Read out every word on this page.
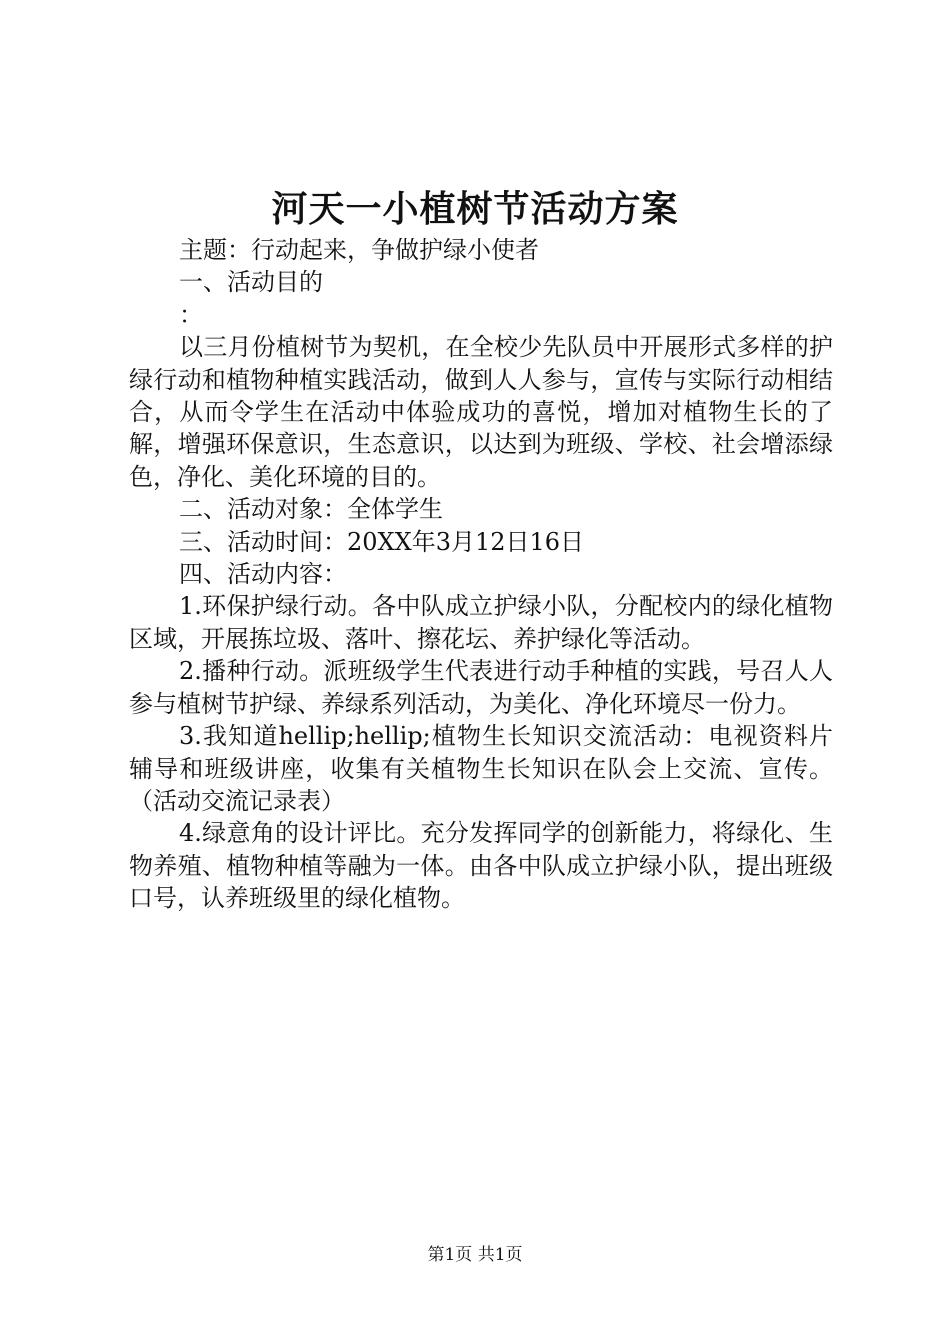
河天一小植树节活动方案

主题：行动起来，争做护绿小使者

一、活动目的

：

以三月份植树节为契机，在全校少先队员中开展形式多样的护绿行动和植物种植实践活动，做到人人参与，宣传与实际行动相结合，从而令学生在活动中体验成功的喜悦，增加对植物生长的了解，增强环保意识，生态意识，以达到为班级、学校、社会增添绿色，净化、美化环境的目的。

二、活动对象：全体学生

三、活动时间：20XX年3月12日16日

四、活动内容：

1.环保护绿行动。各中队成立护绿小队，分配校内的绿化植物区域，开展拣垃圾、落叶、擦花坛、养护绿化等活动。

2.播种行动。派班级学生代表进行动手种植的实践，号召人人参与植树节护绿、养绿系列活动，为美化、净化环境尽一份力。

3.我知道hellip;hellip;植物生长知识交流活动：电视资料片辅导和班级讲座，收集有关植物生长知识在队会上交流、宣传。（活动交流记录表）

4.绿意角的设计评比。充分发挥同学的创新能力，将绿化、生物养殖、植物种植等融为一体。由各中队成立护绿小队，提出班级口号，认养班级里的绿化植物。

第1页 共1页
